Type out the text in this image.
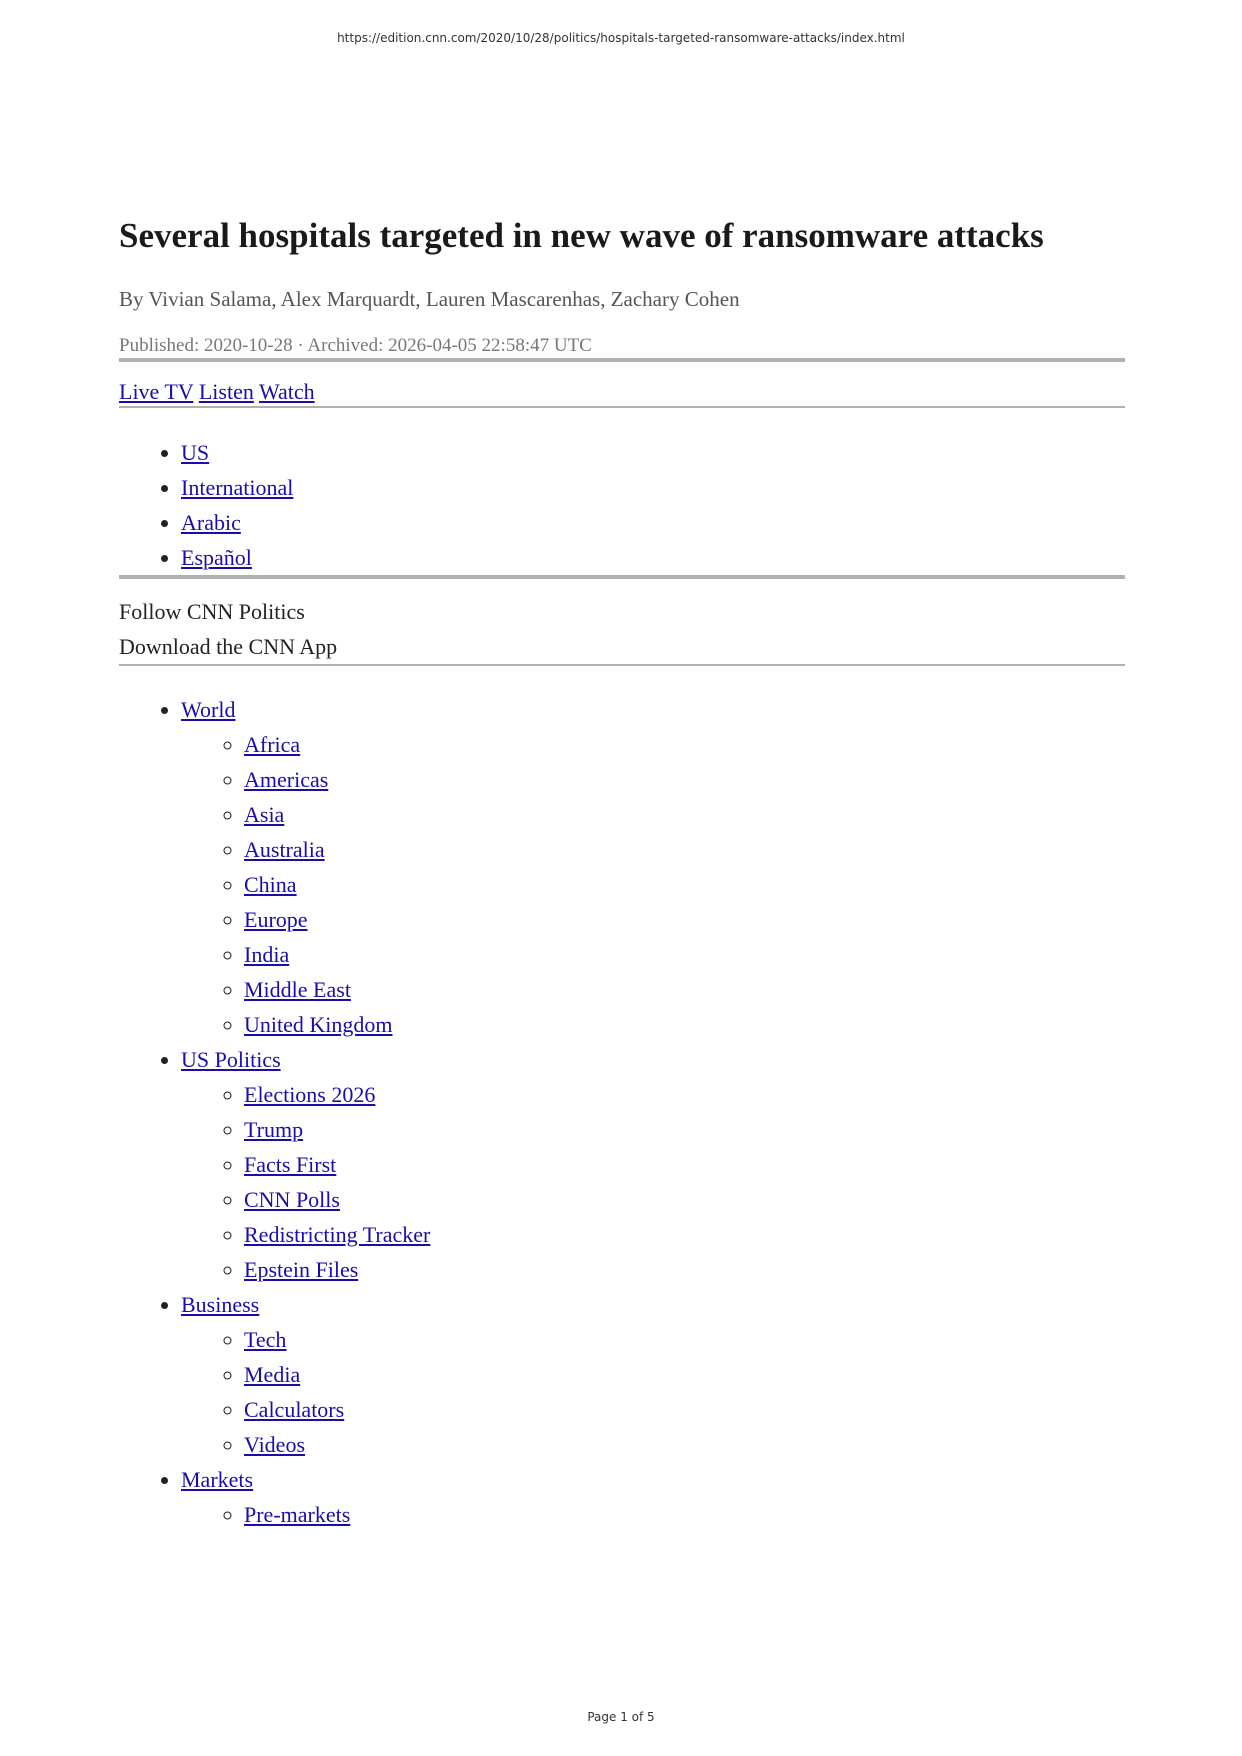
https://edition.cnn.com/2020/10/28/politics/hospitals-targeted-ransomware-attacks/index.html
Several hospitals targeted in new wave of ransomware attacks
By Vivian Salama, Alex Marquardt, Lauren Mascarenhas, Zachary Cohen
Published: 2020-10-28 · Archived: 2026-04-05 22:58:47 UTC
Live TV Listen Watch
• US
• International
• Arabic
• Español
Follow CNN Politics
Download the CNN App
• World
◦ Africa
◦ Americas
◦ Asia
◦ Australia
◦ China
◦ Europe
◦ India
◦ Middle East
◦ United Kingdom
• US Politics
◦ Elections 2026
◦ Trump
◦ Facts First
◦ CNN Polls
◦ Redistricting Tracker
◦ Epstein Files
• Business
◦ Tech
◦ Media
◦ Calculators
◦ Videos
• Markets
◦ Pre-markets
Page 1 of 5
